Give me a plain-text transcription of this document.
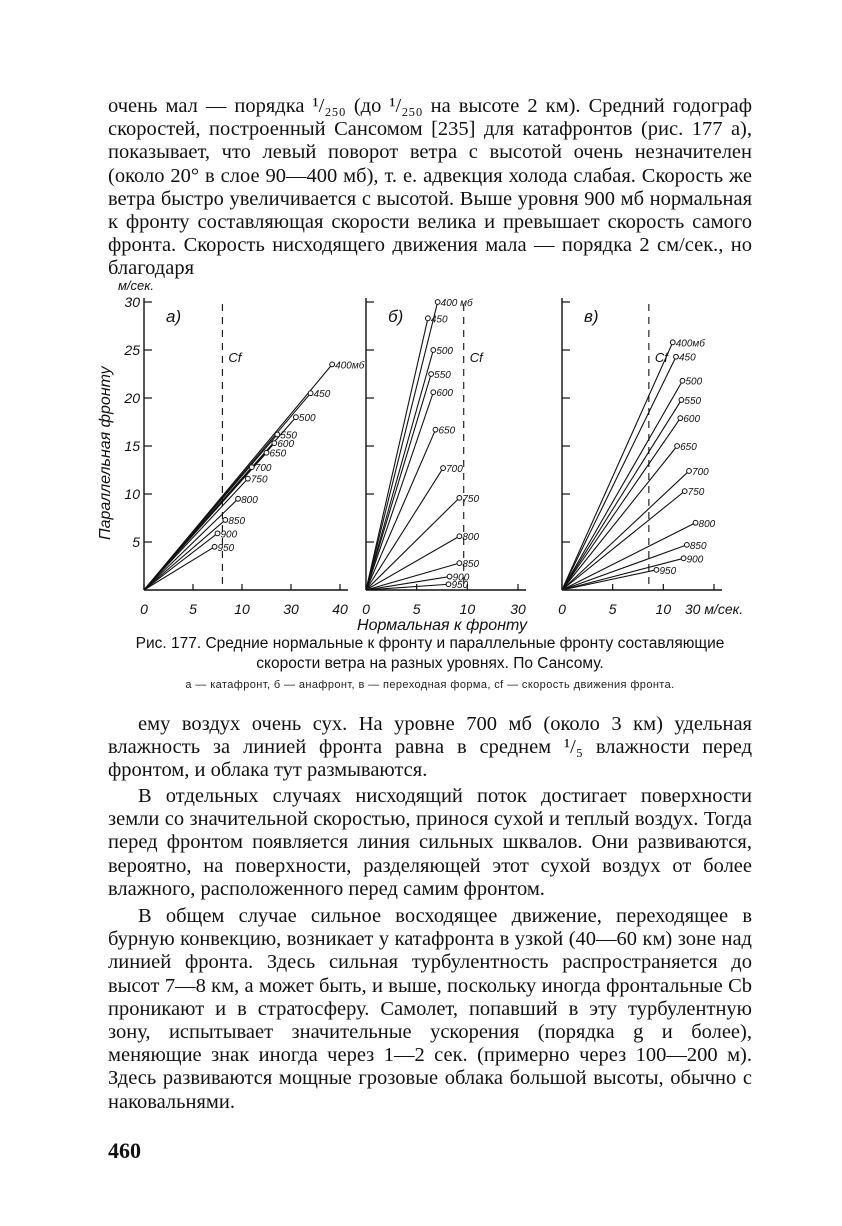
очень мал — порядка ¹/₂₅₀ (до ¹/₂₅₀ на высоте 2 км). Средний годограф скоростей, построенный Сансомом [235] для катафронтов (рис. 177 а), показывает, что левый поворот ветра с высотой очень незначителен (около 20° в слое 90—400 мб), т. е. адвекция холода слабая. Скорость же ветра быстро увеличивается с высотой. Выше уровня 900 мб нормальная к фронту составляющая скорости велика и превышает скорость самого фронта. Скорость нисходящего движения мала — порядка 2 см/сек., но благодаря

м/сек.
Параллельная фронту
5
10
15
20
25
30
0	5	10 30 40
а)
Cf
400мб
450
500
550
600
650
700
750
800
850
900
950
0	5	10	30
б)
Cf
400 мб
450
500
550
600
650
700
750
800
850
900
950
0	5	10 30 м/сек.
в)
Cf
400мб
450
500
550
600
650
700
750
800
850
900
950
Нормальная к фронту
Рис. 177. Средние нормальные к фронту и параллельные фронту составляющие скорости ветра на разных уровнях. По Сансому.
а — катафронт, б — анафронт, в — переходная форма, cf — скорость движения фронта.

ему воздух очень сух. На уровне 700 мб (около 3 км) удельная влажность за линией фронта равна в среднем ¹/₅ влажности перед фронтом, и облака тут размываются.

В отдельных случаях нисходящий поток достигает поверхности земли со значительной скоростью, принося сухой и теплый воздух. Тогда перед фронтом появляется линия сильных шквалов. Они развиваются, вероятно, на поверхности, разделяющей этот сухой воздух от более влажного, расположенного перед самим фронтом.

В общем случае сильное восходящее движение, переходящее в бурную конвекцию, возникает у катафронта в узкой (40—60 км) зоне над линией фронта. Здесь сильная турбулентность распространяется до высот 7—8 км, а может быть, и выше, поскольку иногда фронтальные Cb проникают и в стратосферу. Самолет, попавший в эту турбулентную зону, испытывает значительные ускорения (порядка g и более), меняющие знак иногда через 1—2 сек. (примерно через 100—200 м). Здесь развиваются мощные грозовые облака большой высоты, обычно с наковальнями.

460
